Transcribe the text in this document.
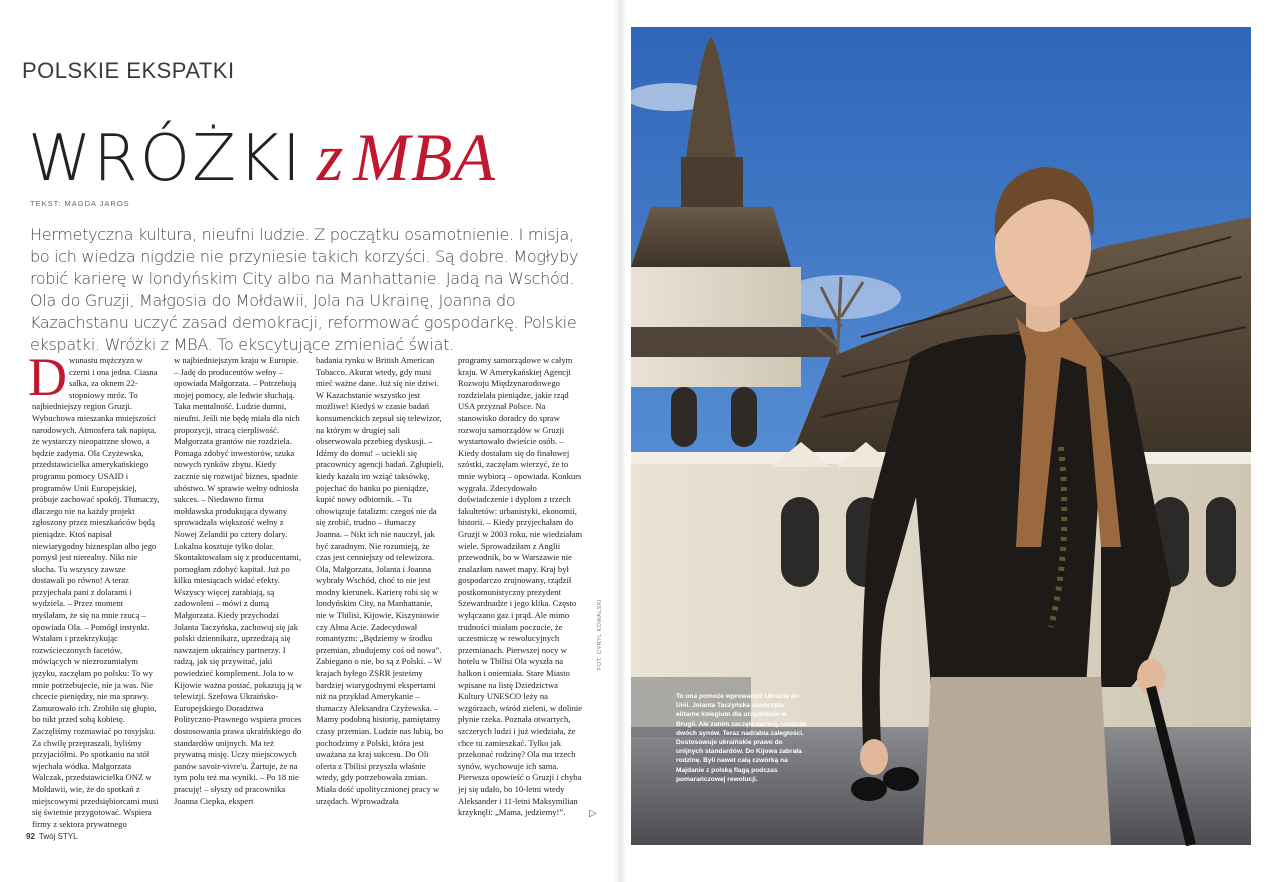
POLSKIE EKSPATKI
WRÓŻKI z MBA
TEKST: MAGDA JAROS
Hermetyczna kultura, nieufni ludzie. Z początku osamotnienie. I misja, bo ich wiedza nigdzie nie przyniesie takich korzyści. Są dobre. Mogłyby robić karierę w londyńskim City albo na Manhattanie. Jadą na Wschód. Ola do Gruzji, Małgosia do Mołdawii, Jola na Ukrainę, Joanna do Kazachstanu uczyć zasad demokracji, reformować gospodarkę. Polskie ekspatki. Wróżki z MBA. To ekscytujące zmieniać świat.
D wunastu mężczyzn w czerni i ona jedna. Ciasna salka, za oknem 22-stopniowy mróz. To najbiedniejszy region Gruzji. Wybuchowa mieszanka mniejszości narodowych. Atmosfera tak napięta, że wystarczy nieopatrzne słowo, a będzie zadyma. Ola Czyżewska, przedstawicielka amerykańskiego programu pomocy USAID i programów Unii Europejskiej, próbuje zachować spokój. Tłumaczy, dlaczego nie na każdy projekt zgłoszony przez mieszkańców będą pieniądze. Ktoś napisał niewiarygodny biznesplan albo jego pomysł jest nierealny. Nikt nie słucha. Tu wszyscy zawsze dostawali po równo! A teraz przyjechała pani z dolarami i wydziela. – Przez moment myślałam, że się na mnie rzucą – opowiada Ola. – Pomógł instynkt. Wstałam i przekrzykując rozwścieczonych facetów, mówiących w niezrozumiałym języku, zaczęłam po polsku: To wy mnie potrzebujecie, nie ja was. Nie chcecie pieniędzy, nie ma sprawy. Zamurowało ich. Zrobiło się głupio, bo nikt przed sobą kobietę. Zaczęliśmy rozmawiać po rosyjsku. Za chwilę przepraszali, byliśmy przyjaciółmi. Po spotkaniu na stół wjechała wódka. Małgorzata Walczak, przedstawicielka ONZ w Mołdawii, wie, że do spotkań z miejscowymi przedsiębiorcami musi się świetnie przygotować. Wspiera firmy z sektora prywatnego

w najbiedniejszym kraju w Europie. – Jadę do producentów wełny – opowiada Małgorzata. – Potrzebują mojej pomocy, ale ledwie słuchają. Taka mentalność. Ludzie dumni, nieufni. Jeśli nie będę miała dla nich propozycji, stracą cierpliwość. Małgorzata grantów nie rozdziela. Pomaga zdobyć inwestorów, szuka nowych rynków zbytu. Kiedy zacznie się rozwijać biznes, spadnie ubóstwo. W sprawie wełny odniosła sukces. – Niedawno firma mołdawska produkująca dywany sprowadzała większość wełny z Nowej Zelandii po cztery dolary. Lokalna kosztuje tylko dolar. Skontaktowałam się z producentami, pomogłam zdobyć kapitał. Już po kilku miesiącach widać efekty. Wszyscy więcej zarabiają, są zadowoleni – mówi z dumą Małgorzata. Kiedy przychodzi Jolanta Taczyńska, zachowuj się jak polski dziennikarz, uprzedzają się nawzajem ukraińscy partnerzy. I radzą, jak się przywitać, jaki powiedzieć komplement. Jola to w Kijowie ważna postać, pokazują ją w telewizji. Szefowa Ukraińsko-Europejskiego Doradztwa Polityczno-Prawnego wspiera proces dostosowania prawa ukraińskiego do standardów unijnych. Ma też prywatną misję. Uczy miejscowych panów savoir-vivre'u. Żartuje, że na tym polu też ma wyniki. – Po 18 nie pracuję! – słyszy od pracownika Joanna Ciepka, ekspert

badania rynku w British American Tobacco. Akurat wtedy, gdy musi mieć ważne dane. Już się nie dziwi. W Kazachstanie wszystko jest możliwe! Kiedyś w czasie badań konsumenckich zepsuł się telewizor, na którym w drugiej sali obserwowała przebieg dyskusji. – Idźmy do domu! – uciekli się pracownicy agencji badań. Zgłupieli, kiedy kazała im wziąć taksówkę, pojechać do banku po pieniądze, kupić nowy odbiornik. – Tu obowiązuje fatalizm: czegoś nie da się zrobić, trudno – tłumaczy Joanna. – Nikt ich nie nauczył, jak być zaradnym. Nie rozumieją, że czas jest cenniejszy od telewizora. Ola, Małgorzata, Jolanta i Joanna wybrały Wschód, choć to nie jest modny kierunek. Karierę robi się w londyńskim City, na Manhattanie, nie w Tbilisi, Kijowie, Kiszyniowie czy Ałma Acie. Zadecydował romantyzm: „Będziemy w środku przemian, zbudujemy coś od nowa”. Zabiegano o nie, bo są z Polski. – W krajach byłego ZSRR jesteśmy bardziej wiarygodnymi ekspertami niż na przykład Amerykanie – tłumaczy Aleksandra Czyżewska. – Mamy podobną historię, pamiętamy czasy przemian. Ludzie nas lubią, bo pochodzimy z Polski, która jest uważana za kraj sukcesu. Do Oli oferta z Tbilisi przyszła właśnie wtedy, gdy potrzebowała zmian. Miała dość upolitycznionej pracy w urzędach. Wprowadzała

programy samorządowe w całym kraju. W Amerykańskiej Agencji Rozwoju Międzynarodowego rozdzielała pieniądze, jakie rząd USA przyznał Polsce. Na stanowisko doradcy do spraw rozwoju samorządów w Gruzji wystartowało dwieście osób. – Kiedy dostałam się do finałowej szóstki, zaczęłam wierzyć, że to mnie wybiorą – opowiada. Konkurs wygrała. Zdecydowało doświadczenie i dyplom z trzech fakultetów: urbanistyki, ekonomii, historii. – Kiedy przyjechałam do Gruzji w 2003 roku, nie wiedziałam wiele. Sprowadziłam z Anglii przewodnik, bo w Warszawie nie znalazłam nawet mapy. Kraj był gospodarczo zrujnowany, rządził postkomunistyczny prezydent Szewardnadze i jego klika. Często wyłączano gaz i prąd. Ale mimo trudności miałam poczucie, że uczestniczę w rewolucyjnych przemianach. Pierwszej nocy w hotelu w Tbilisi Ola wyszła na balkon i oniemiała. Stare Miasto wpisane na listę Dziedzictwa Kultury UNESCO leży na wzgórzach, wśród zieleni, w dolinie płynie rzeka. Poznała otwartych, szczerych ludzi i już wiedziała, że chce tu zamieszkać. Tylko jak przekonać rodzinę? Ola ma trzech synów, wychowuje ich sama. Pierwsza opowieść o Gruzji i chyba jej się udało, bo 10-letni wtedy Aleksander i 11-letni Maksymilian krzyknęli: „Mama, jedziemy!”.	▷
92 Twój STYL
FOT. CYRYL KOWALSKI
To ona pomoże wprowadzić Ukrainę do Unii. Jolanta Taczyńska skończyła elitarne kolegium dla urzędników w Brugii. Ale zanim zaczęła karierę, urodziła dwóch synów. Teraz nadrabia zaległości. Dostosowuje ukraińskie prawo do unijnych standardów. Do Kijowa zabrała rodzinę. Byli nawet całą czwórką na Majdanie z polską flagą podczas pomarańczowej rewolucji.
